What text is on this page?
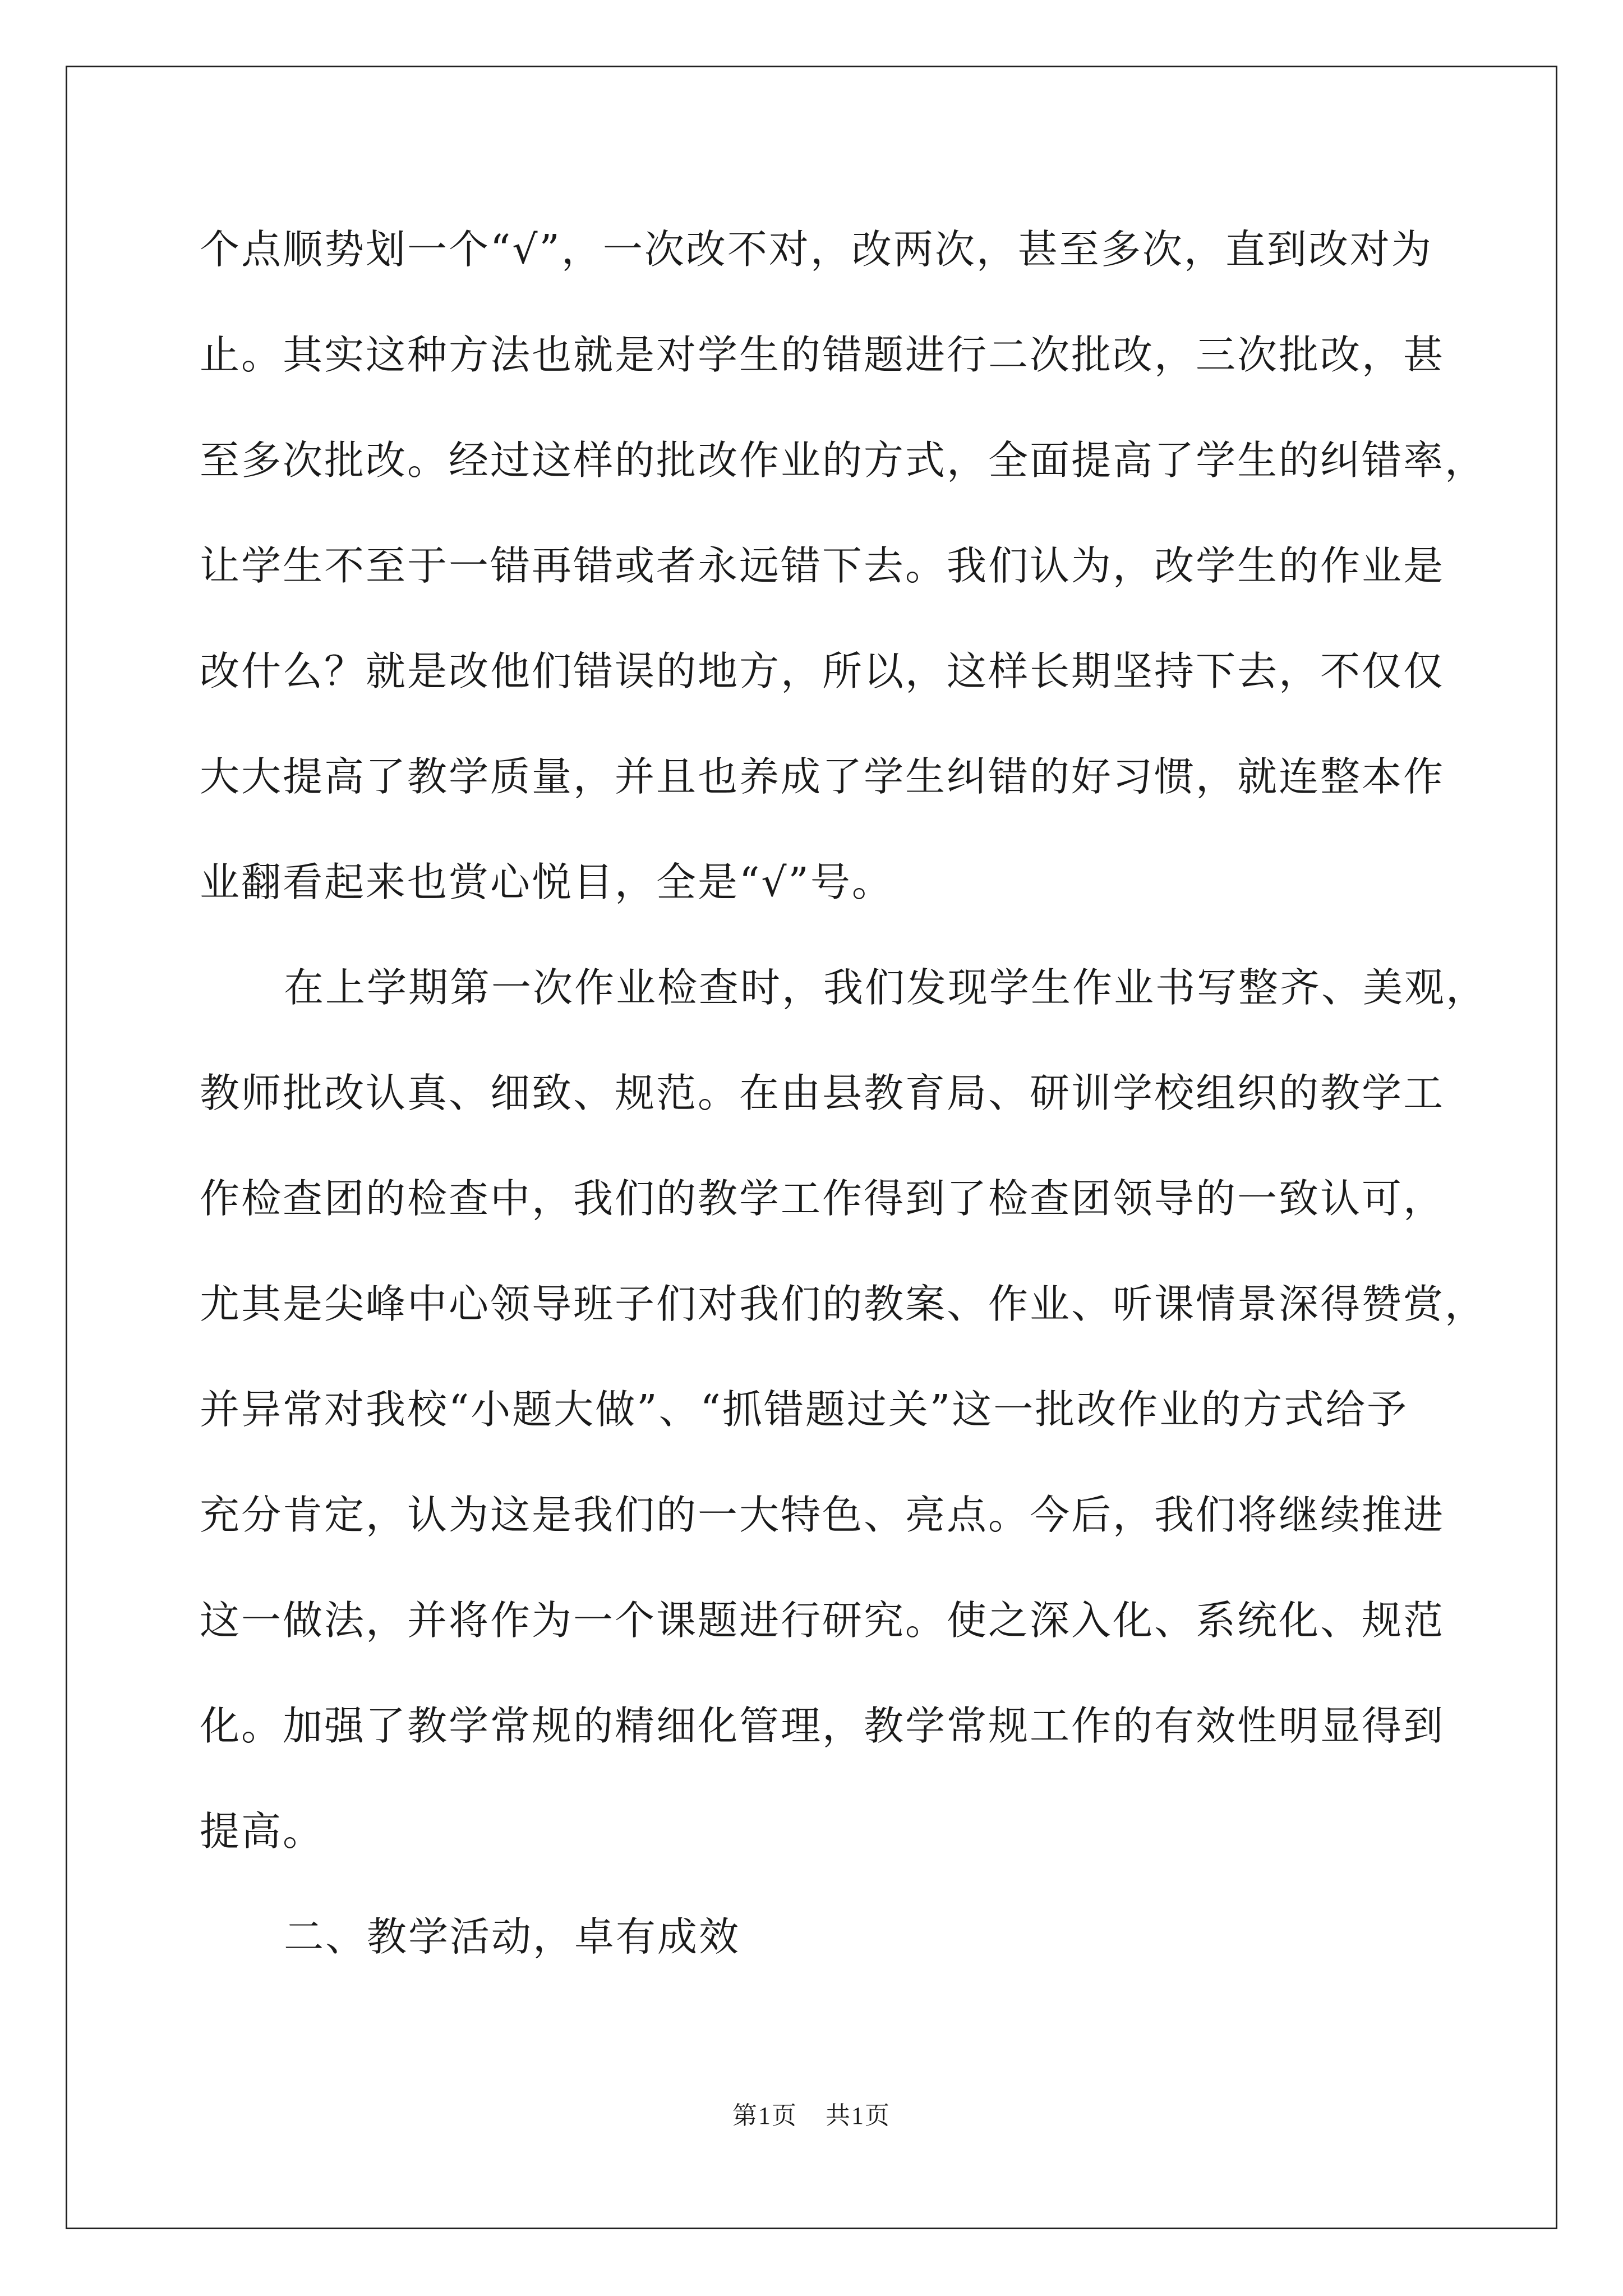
个点顺势划一个“√”，一次改不对，改两次，甚至多次，直到改对为
止。其实这种方法也就是对学生的错题进行二次批改，三次批改，甚
至多次批改。经过这样的批改作业的方式，全面提高了学生的纠错率，
让学生不至于一错再错或者永远错下去。我们认为，改学生的作业是
改什么？就是改他们错误的地方，所以，这样长期坚持下去，不仅仅
大大提高了教学质量，并且也养成了学生纠错的好习惯，就连整本作
业翻看起来也赏心悦目，全是“√”号。
在上学期第一次作业检查时，我们发现学生作业书写整齐、美观，
教师批改认真、细致、规范。在由县教育局、研训学校组织的教学工
作检查团的检查中，我们的教学工作得到了检查团领导的一致认可，
尤其是尖峰中心领导班子们对我们的教案、作业、听课情景深得赞赏，
并异常对我校“小题大做”、“抓错题过关”这一批改作业的方式给予
充分肯定，认为这是我们的一大特色、亮点。今后，我们将继续推进
这一做法，并将作为一个课题进行研究。使之深入化、系统化、规范
化。加强了教学常规的精细化管理，教学常规工作的有效性明显得到
提高。
二、教学活动，卓有成效
第1页 共1页
